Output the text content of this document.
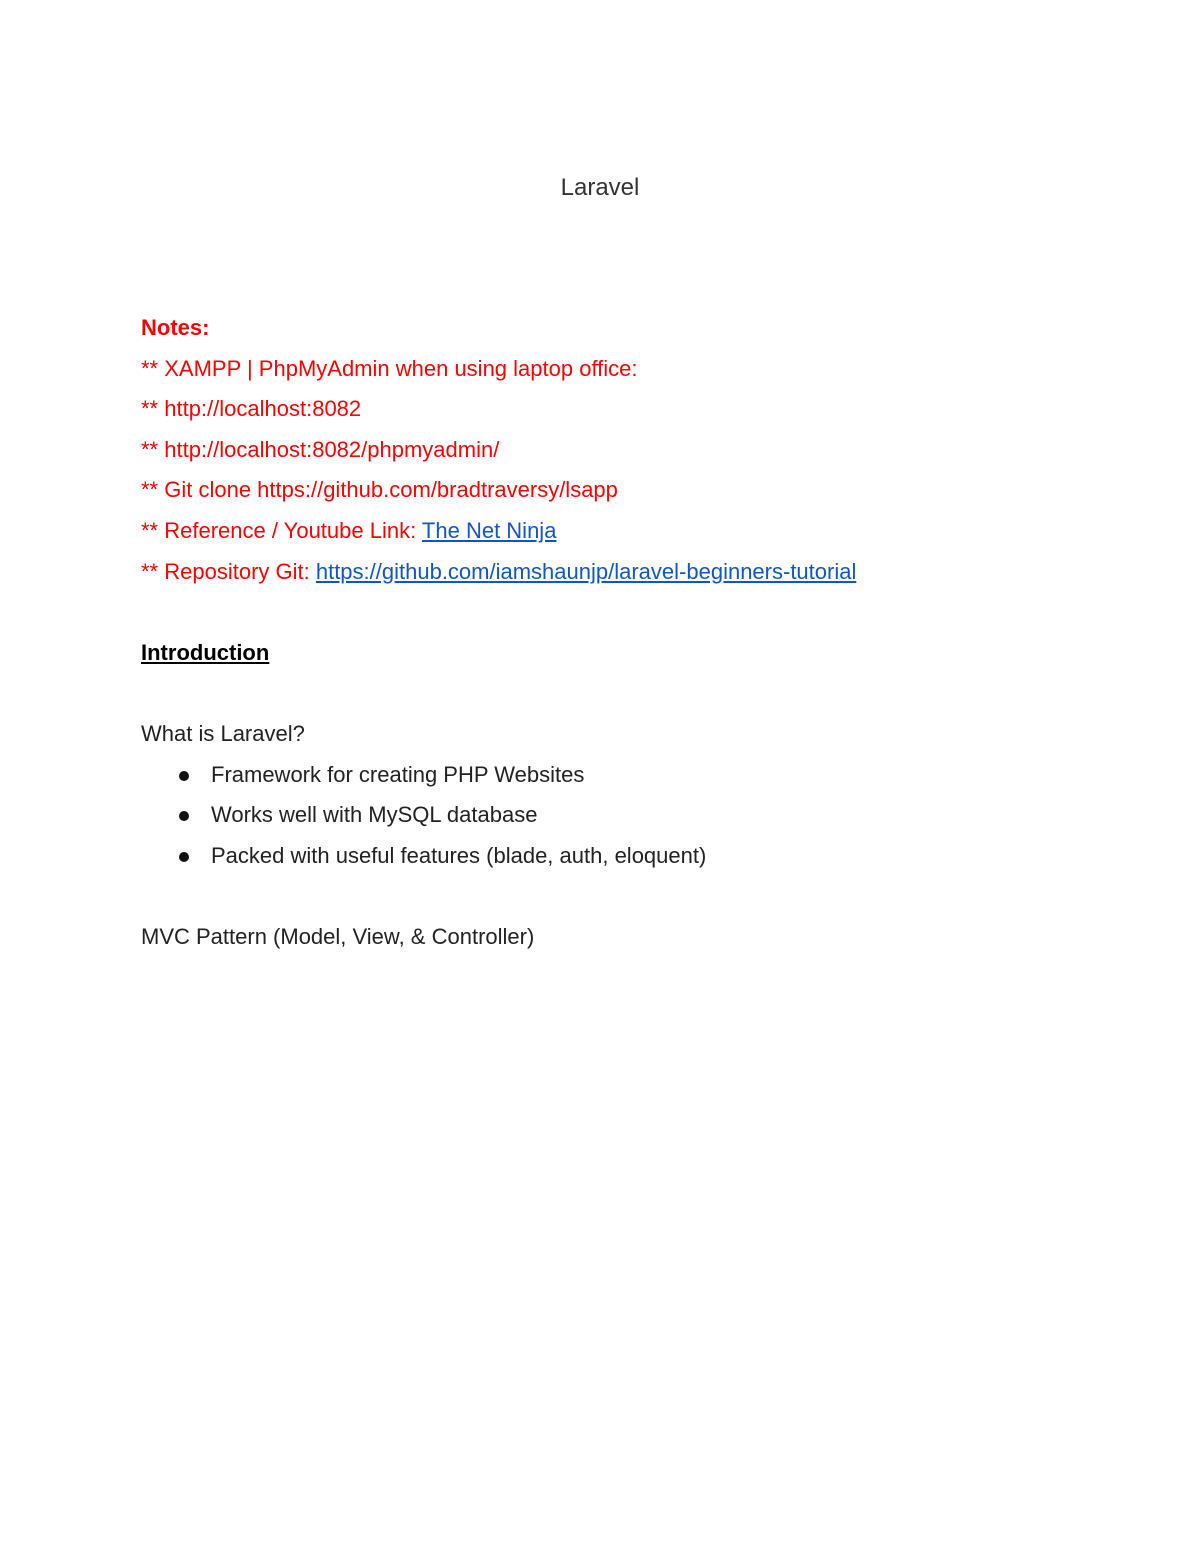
Laravel
Notes:
** XAMPP | PhpMyAdmin when using laptop office:
** http://localhost:8082
** http://localhost:8082/phpmyadmin/
** Git clone https://github.com/bradtraversy/lsapp
** Reference / Youtube Link: The Net Ninja
** Repository Git: https://github.com/iamshaunjp/laravel-beginners-tutorial
Introduction
What is Laravel?
Framework for creating PHP Websites
Works well with MySQL database
Packed with useful features (blade, auth, eloquent)
MVC Pattern (Model, View, & Controller)
